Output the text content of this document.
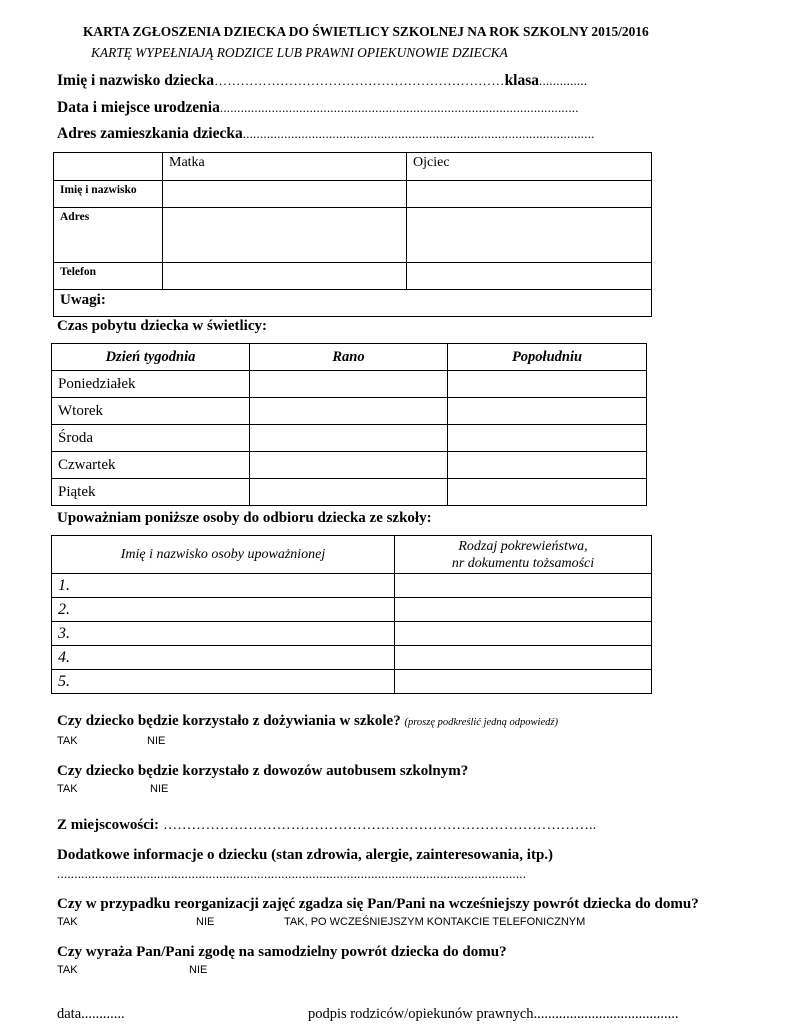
KARTA ZGŁOSZENIA DZIECKA DO ŚWIETLICY SZKOLNEJ NA ROK SZKOLNY 2015/2016
KARTĘ WYPEŁNIAJĄ RODZICE LUB PRAWNI OPIEKUNOWIE DZIECKA
Imię i nazwisko dziecka…………………………………………………………klasa..............
Data i miejsce urodzenia........................................................................................................
Adres zamieszkania dziecka......................................................................................................
	Matka	Ojciec
Imię i nazwisko		
Adres		
Telefon		
Uwagi:		
Czas pobytu dziecka w świetlicy:
Dzień tygodnia	Rano	Popołudniu
Poniedziałek		
Wtorek		
Środa		
Czwartek		
Piątek		
Upoważniam poniższe osoby do odbioru dziecka ze szkoły:
Imię i nazwisko osoby upoważnionej	Rodzaj pokrewieństwa,
nr dokumentu tożsamości
1.	
2.	
3.	
4.	
5.	
Czy dziecko będzie korzystało z dożywiania w szkole? (proszę podkreślić jedną odpowiedź)
TAK	NIE
Czy dziecko będzie korzystało z dowozów autobusem szkolnym?
TAK	NIE
Z miejscowości: ………………………………………………………………………………..
Dodatkowe informacje o dziecku (stan zdrowia, alergie, zainteresowania, itp.)
........................................................................................................................................
Czy w przypadku reorganizacji zajęć zgadza się Pan/Pani na wcześniejszy powrót dziecka do domu?
TAK	NIE	TAK, PO WCZEŚNIEJSZYM KONTAKCIE TELEFONICZNYM
Czy wyraża Pan/Pani zgodę na samodzielny powrót dziecka do domu?
TAK	NIE
data............	podpis rodziców/opiekunów prawnych........................................
